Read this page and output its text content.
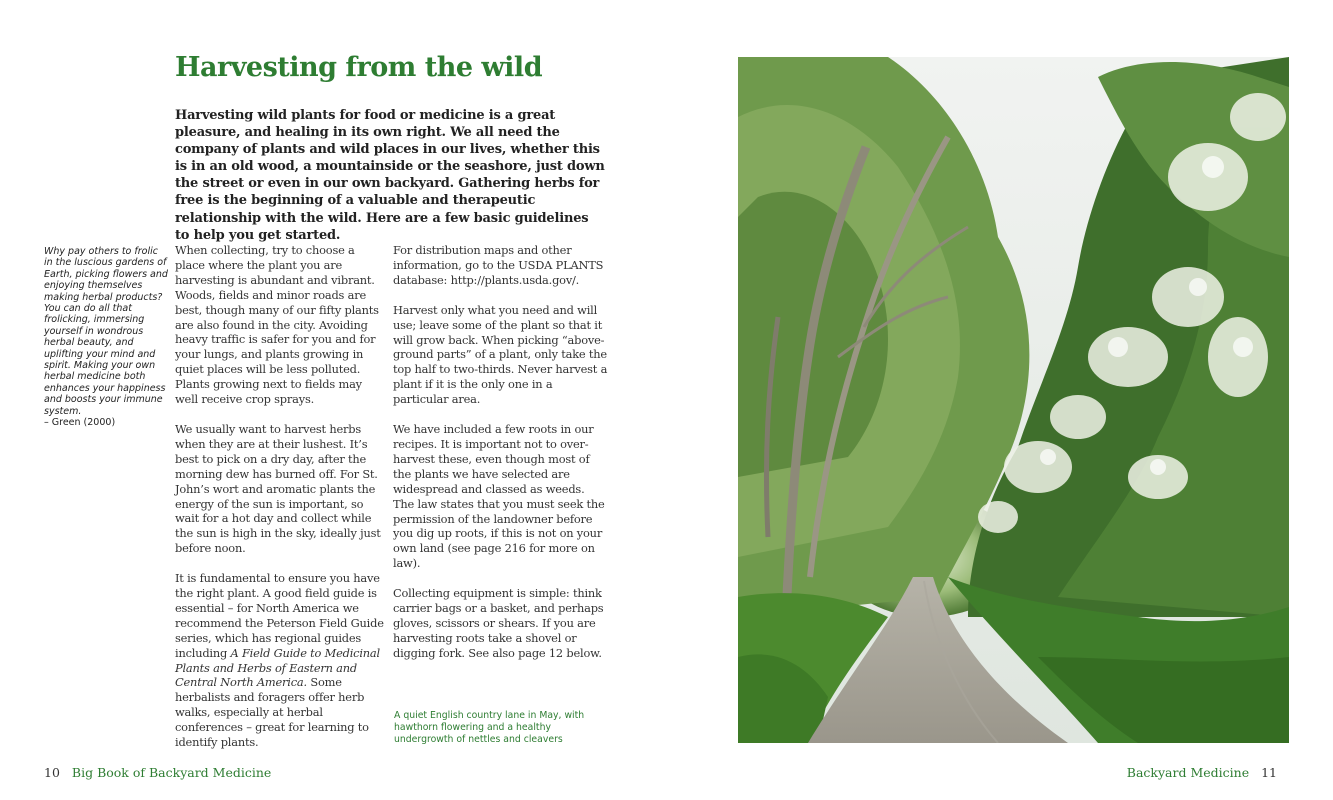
Harvesting from the wild

Harvesting wild plants for food or medicine is a great pleasure, and healing in its own right. We all need the company of plants and wild places in our lives, whether this is in an old wood, a mountainside or the seashore, just down the street or even in our own backyard. Gathering herbs for free is the beginning of a valuable and therapeutic relationship with the wild. Here are a few basic guidelines to help you get started.

Why pay others to frolic in the luscious gardens of Earth, picking flowers and enjoying themselves making herbal products? You can do all that frolicking, immersing yourself in wondrous herbal beauty, and uplifting your mind and spirit. Making your own herbal medicine both enhances your happiness and boosts your immune system.
– Green (2000)

When collecting, try to choose a place where the plant you are harvesting is abundant and vibrant. Woods, fields and minor roads are best, though many of our fifty plants are also found in the city. Avoiding heavy traffic is safer for you and for your lungs, and plants growing in quiet places will be less polluted. Plants growing next to fields may well receive crop sprays.

We usually want to harvest herbs when they are at their lushest. It’s best to pick on a dry day, after the morning dew has burned off. For St. John’s wort and aromatic plants the energy of the sun is important, so wait for a hot day and collect while the sun is high in the sky, ideally just before noon.

It is fundamental to ensure you have the right plant. A good field guide is essential – for North America we recommend the Peterson Field Guide series, which has regional guides including A Field Guide to Medicinal Plants and Herbs of Eastern and Central North America. Some herbalists and foragers offer herb walks, especially at herbal conferences – great for learning to identify plants.

For distribution maps and other information, go to the USDA PLANTS database: http://plants.usda.gov/.

Harvest only what you need and will use; leave some of the plant so that it will grow back. When picking “above-ground parts” of a plant, only take the top half to two-thirds. Never harvest a plant if it is the only one in a particular area.

We have included a few roots in our recipes. It is important not to over-harvest these, even though most of the plants we have selected are widespread and classed as weeds. The law states that you must seek the permission of the landowner before you dig up roots, if this is not on your own land (see page 216 for more on law).

Collecting equipment is simple: think carrier bags or a basket, and perhaps gloves, scissors or shears. If you are harvesting roots take a shovel or digging fork. See also page 12 below.

A quiet English country lane in May, with hawthorn flowering and a healthy undergrowth of nettles and cleavers

10 Big Book of Backyard Medicine	Backyard Medicine 11
